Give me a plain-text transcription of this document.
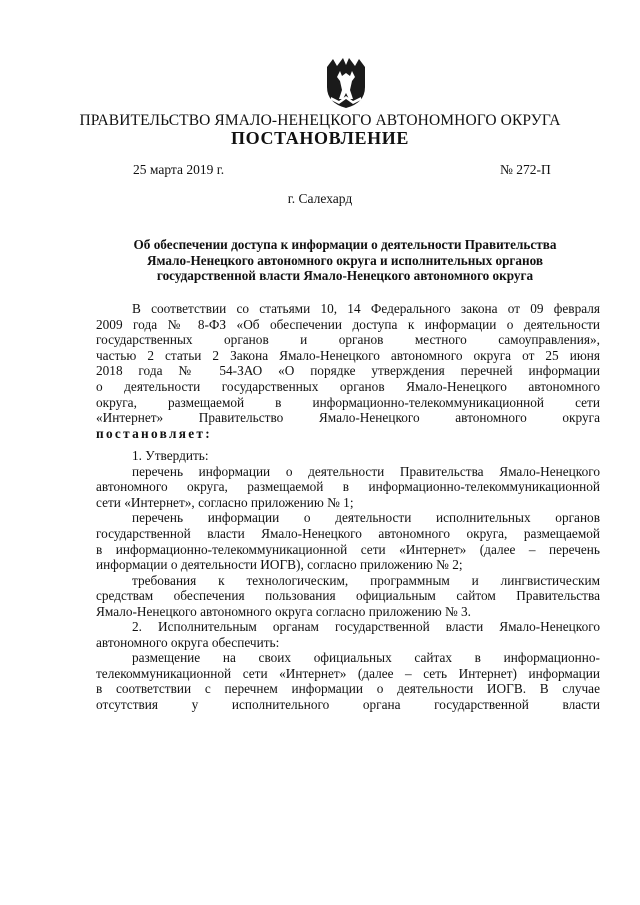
ПРАВИТЕЛЬСТВО ЯМАЛО-НЕНЕЦКОГО АВТОНОМНОГО ОКРУГА
ПОСТАНОВЛЕНИЕ
25 марта 2019 г.	№ 272-П
г. Салехард
Об обеспечении доступа к информации о деятельности Правительства
Ямало-Ненецкого автономного округа и исполнительных органов
государственной власти Ямало-Ненецкого автономного округа
В соответствии со статьями 10, 14 Федерального закона от 09 февраля
2009 года № 8-ФЗ «Об обеспечении доступа к информации о деятельности
государственных органов и органов местного самоуправления»,
частью 2 статьи 2 Закона Ямало-Ненецкого автономного округа от 25 июня
2018 года № 54-ЗАО «О порядке утверждения перечней информации
о деятельности государственных органов Ямало-Ненецкого автономного
округа, размещаемой в информационно-телекоммуникационной сети
«Интернет» Правительство Ямало-Ненецкого автономного округа
постановляет:
1. Утвердить:
перечень информации о деятельности Правительства Ямало-Ненецкого
автономного округа, размещаемой в информационно-телекоммуникационной
сети «Интернет», согласно приложению № 1;
перечень информации о деятельности исполнительных органов
государственной власти Ямало-Ненецкого автономного округа, размещаемой
в информационно-телекоммуникационной сети «Интернет» (далее – перечень
информации о деятельности ИОГВ), согласно приложению № 2;
требования к технологическим, программным и лингвистическим
средствам обеспечения пользования официальным сайтом Правительства
Ямало-Ненецкого автономного округа согласно приложению № 3.
2. Исполнительным органам государственной власти Ямало-Ненецкого
автономного округа обеспечить:
размещение на своих официальных сайтах в информационно-
телекоммуникационной сети «Интернет» (далее – сеть Интернет) информации
в соответствии с перечнем информации о деятельности ИОГВ. В случае
отсутствия у исполнительного органа государственной власти
